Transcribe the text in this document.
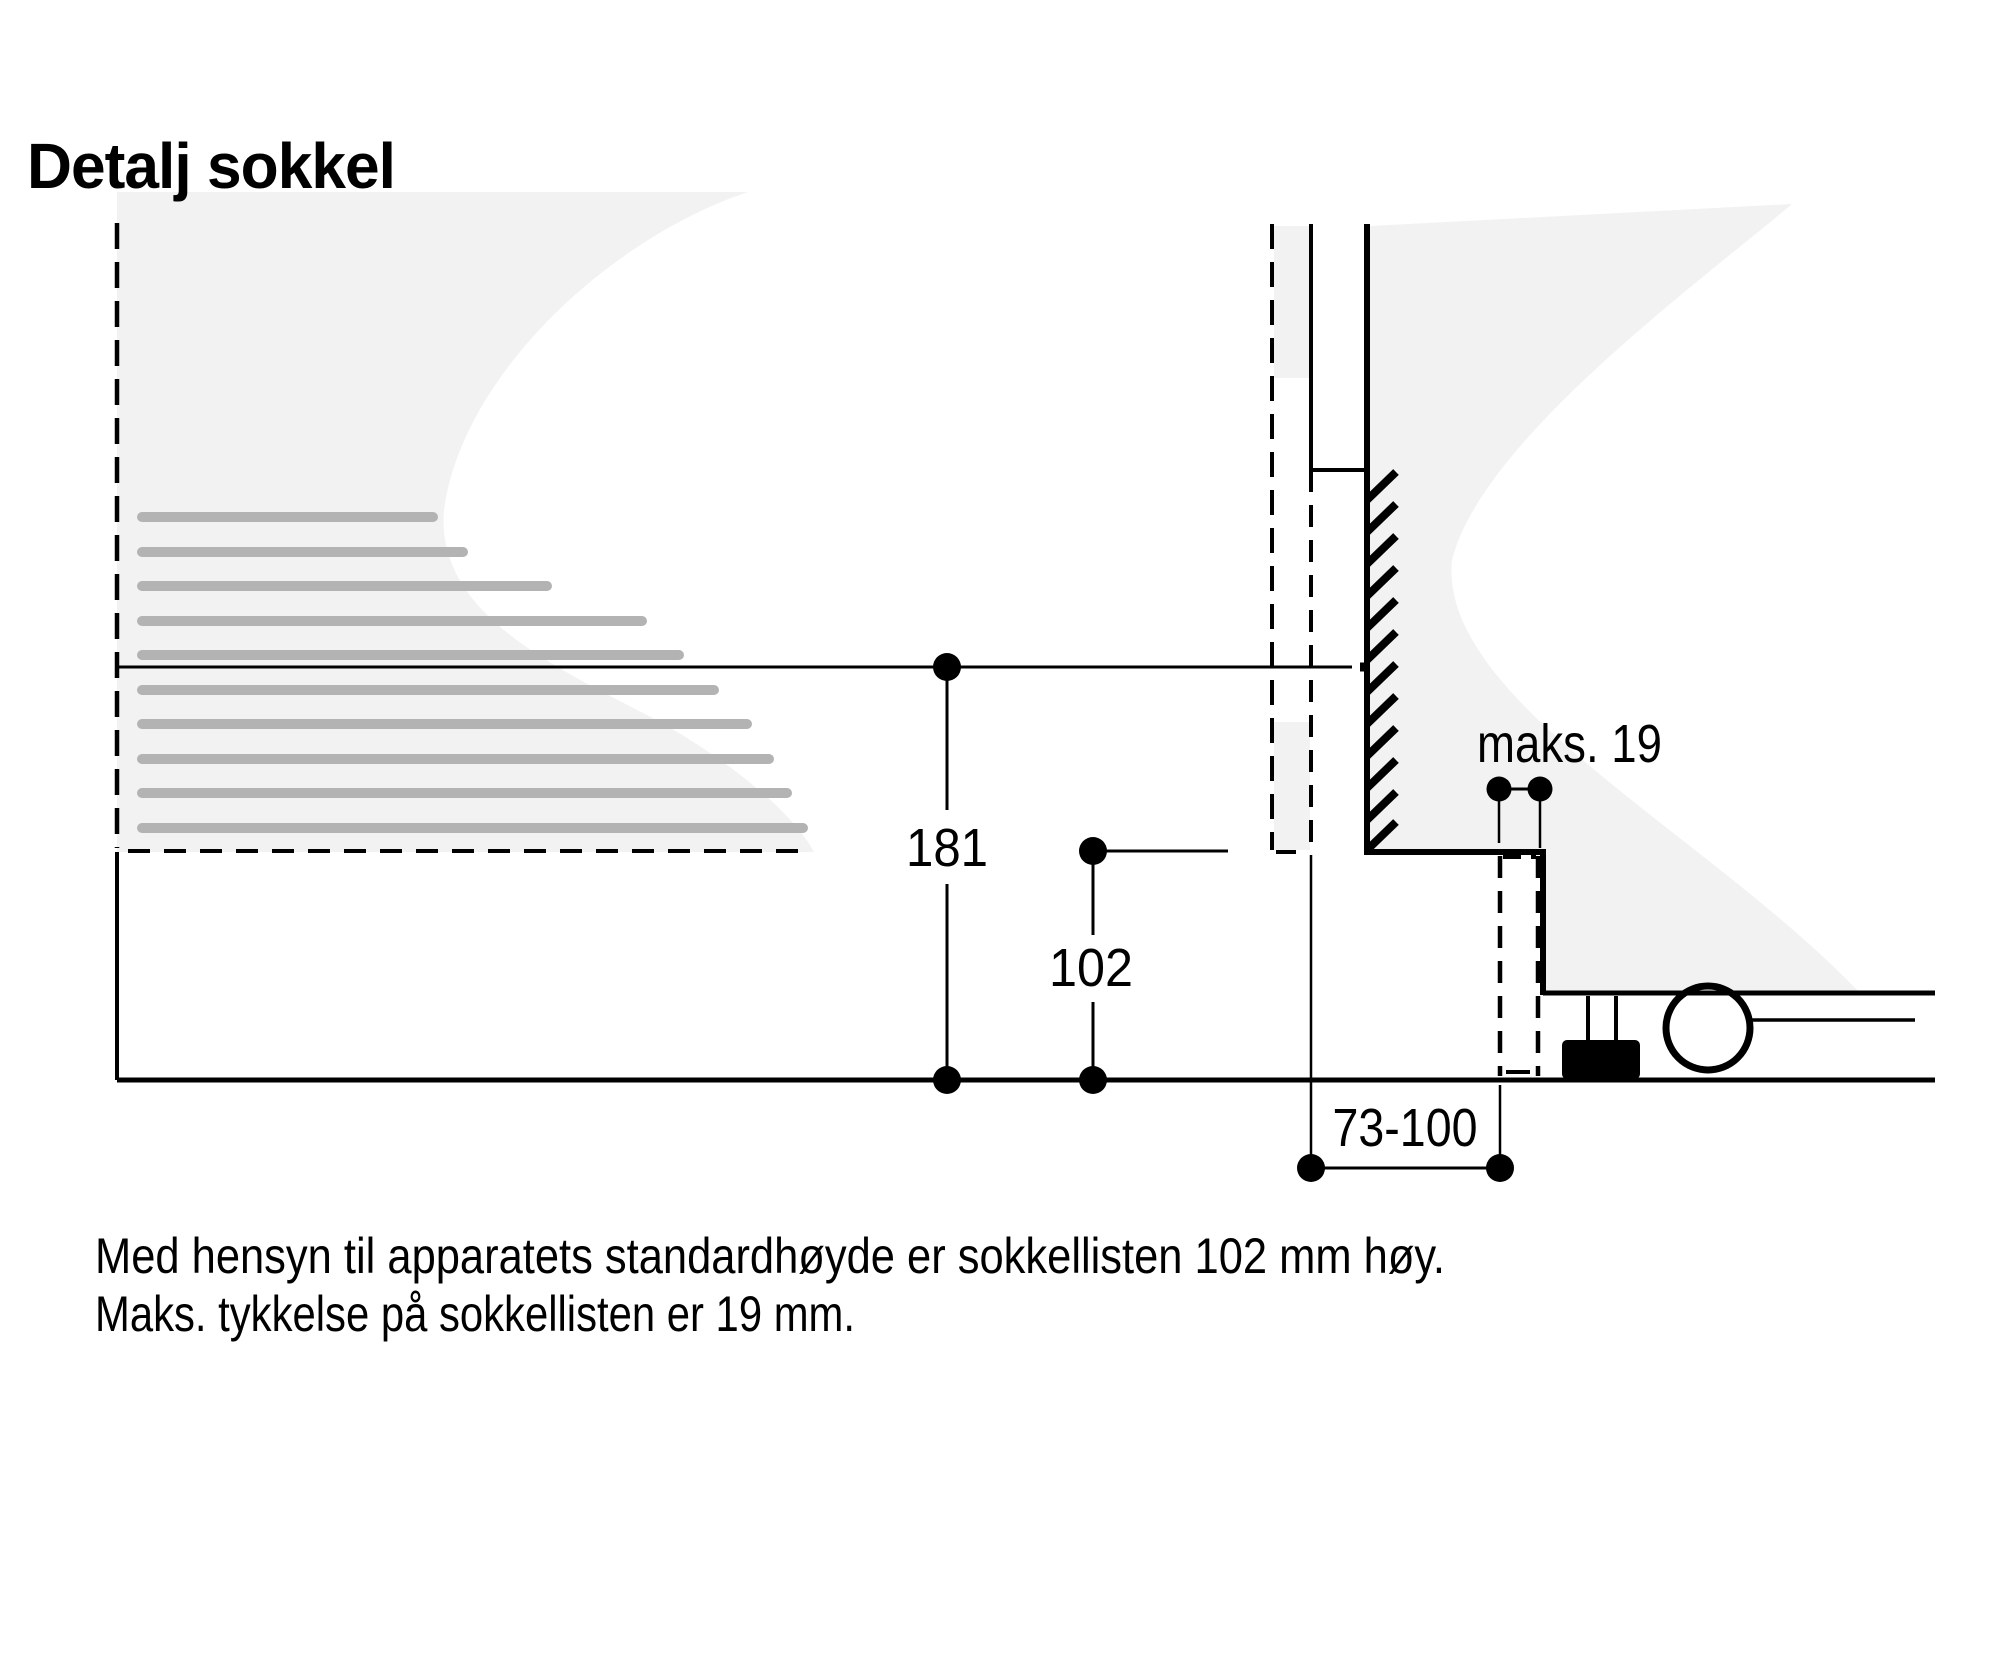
181
102
maks. 19
73-100
Detalj sokkel
Med hensyn til apparatets standardhøyde er sokkellisten 102 mm høy.
Maks. tykkelse på sokkellisten er 19 mm.
